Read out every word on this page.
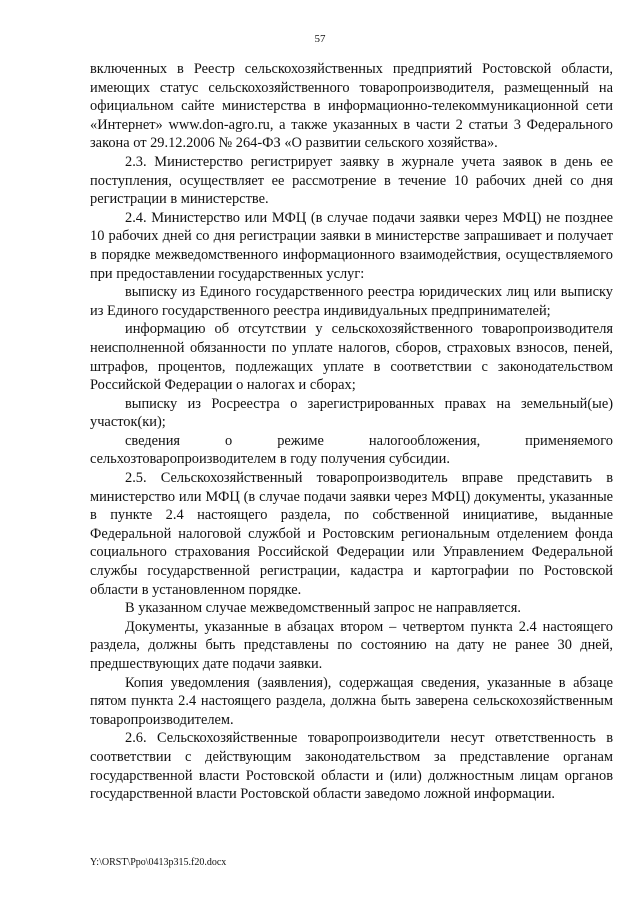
57

включенных в Реестр сельскохозяйственных предприятий Ростовской области, имеющих статус сельскохозяйственного товаропроизводителя, размещенный на официальном сайте министерства в информационно-телекоммуникационной сети «Интернет» www.don-agro.ru, а также указанных в части 2 статьи 3 Федерального закона от 29.12.2006 № 264-ФЗ «О развитии сельского хозяйства».

2.3. Министерство регистрирует заявку в журнале учета заявок в день ее поступления, осуществляет ее рассмотрение в течение 10 рабочих дней со дня регистрации в министерстве.

2.4. Министерство или МФЦ (в случае подачи заявки через МФЦ) не позднее 10 рабочих дней со дня регистрации заявки в министерстве запрашивает и получает в порядке межведомственного информационного взаимодействия, осуществляемого при предоставлении государственных услуг:

выписку из Единого государственного реестра юридических лиц или выписку из Единого государственного реестра индивидуальных предпринимателей;

информацию об отсутствии у сельскохозяйственного товаропроизводителя неисполненной обязанности по уплате налогов, сборов, страховых взносов, пеней, штрафов, процентов, подлежащих уплате в соответствии с законодательством Российской Федерации о налогах и сборах;

выписку из Росреестра о зарегистрированных правах на земельный(ые) участок(ки);

сведения о режиме налогообложения, применяемого сельхозтоваропроизводителем в году получения субсидии.

2.5. Сельскохозяйственный товаропроизводитель вправе представить в министерство или МФЦ (в случае подачи заявки через МФЦ) документы, указанные в пункте 2.4 настоящего раздела, по собственной инициативе, выданные Федеральной налоговой службой и Ростовским региональным отделением фонда социального страхования Российской Федерации или Управлением Федеральной службы государственной регистрации, кадастра и картографии по Ростовской области в установленном порядке.

В указанном случае межведомственный запрос не направляется.

Документы, указанные в абзацах втором – четвертом пункта 2.4 настоящего раздела, должны быть представлены по состоянию на дату не ранее 30 дней, предшествующих дате подачи заявки.

Копия уведомления (заявления), содержащая сведения, указанные в абзаце пятом пункта 2.4 настоящего раздела, должна быть заверена сельскохозяйственным товаропроизводителем.

2.6. Сельскохозяйственные товаропроизводители несут ответственность в соответствии с действующим законодательством за представление органам государственной власти Ростовской области и (или) должностным лицам органов государственной власти Ростовской области заведомо ложной информации.

Y:\ORST\Ppo\0413p315.f20.docx
